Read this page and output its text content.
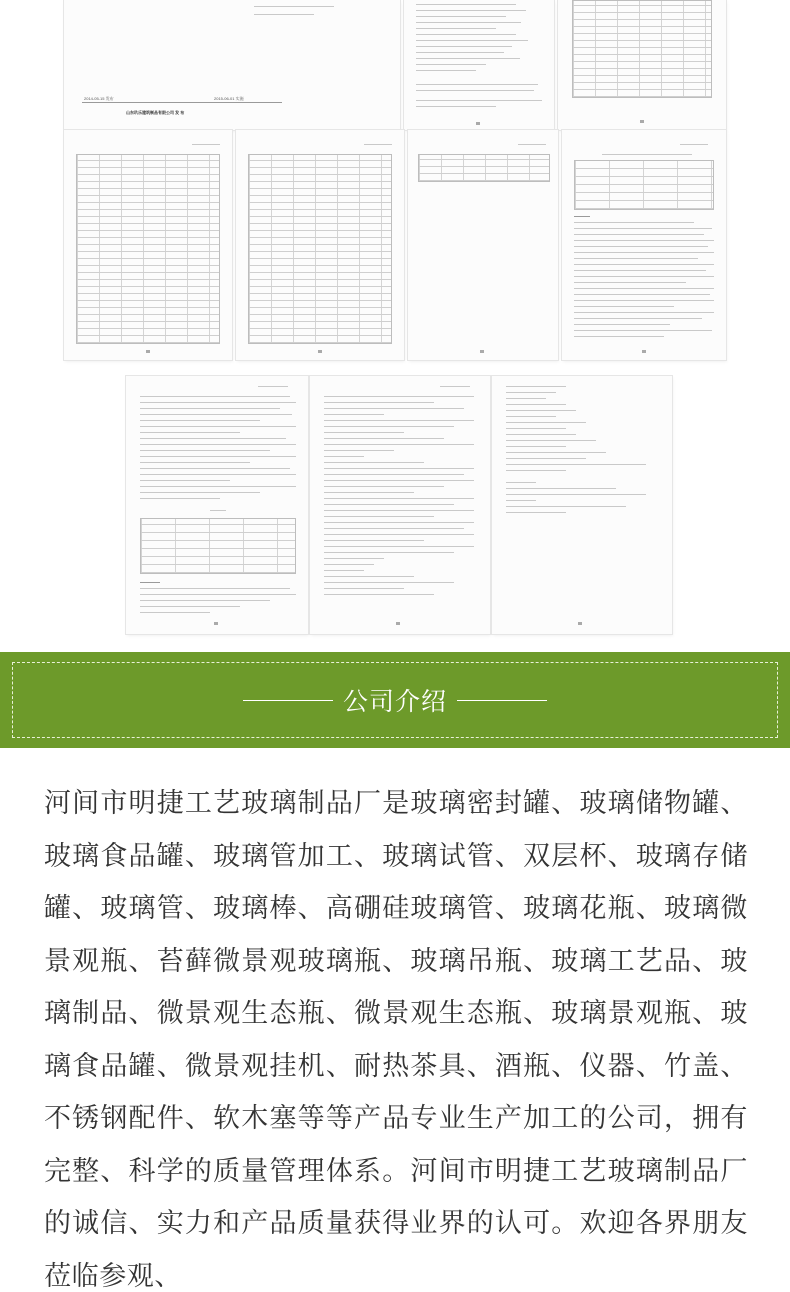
2014-05-15 发布	2015-06-01 实施
山东玖乐建筑制品有限公司 发 布
公司介绍

河间市明捷工艺玻璃制品厂是玻璃密封罐、玻璃储物罐、玻璃食品罐、玻璃管加工、玻璃试管、双层杯、玻璃存储罐、玻璃管、玻璃棒、高硼硅玻璃管、玻璃花瓶、玻璃微景观瓶、苔藓微景观玻璃瓶、玻璃吊瓶、玻璃工艺品、玻璃制品、微景观生态瓶、微景观生态瓶、玻璃景观瓶、玻璃食品罐、微景观挂机、耐热茶具、酒瓶、仪器、竹盖、不锈钢配件、软木塞等等产品专业生产加工的公司，拥有完整、科学的质量管理体系。河间市明捷工艺玻璃制品厂的诚信、实力和产品质量获得业界的认可。欢迎各界朋友莅临参观、
